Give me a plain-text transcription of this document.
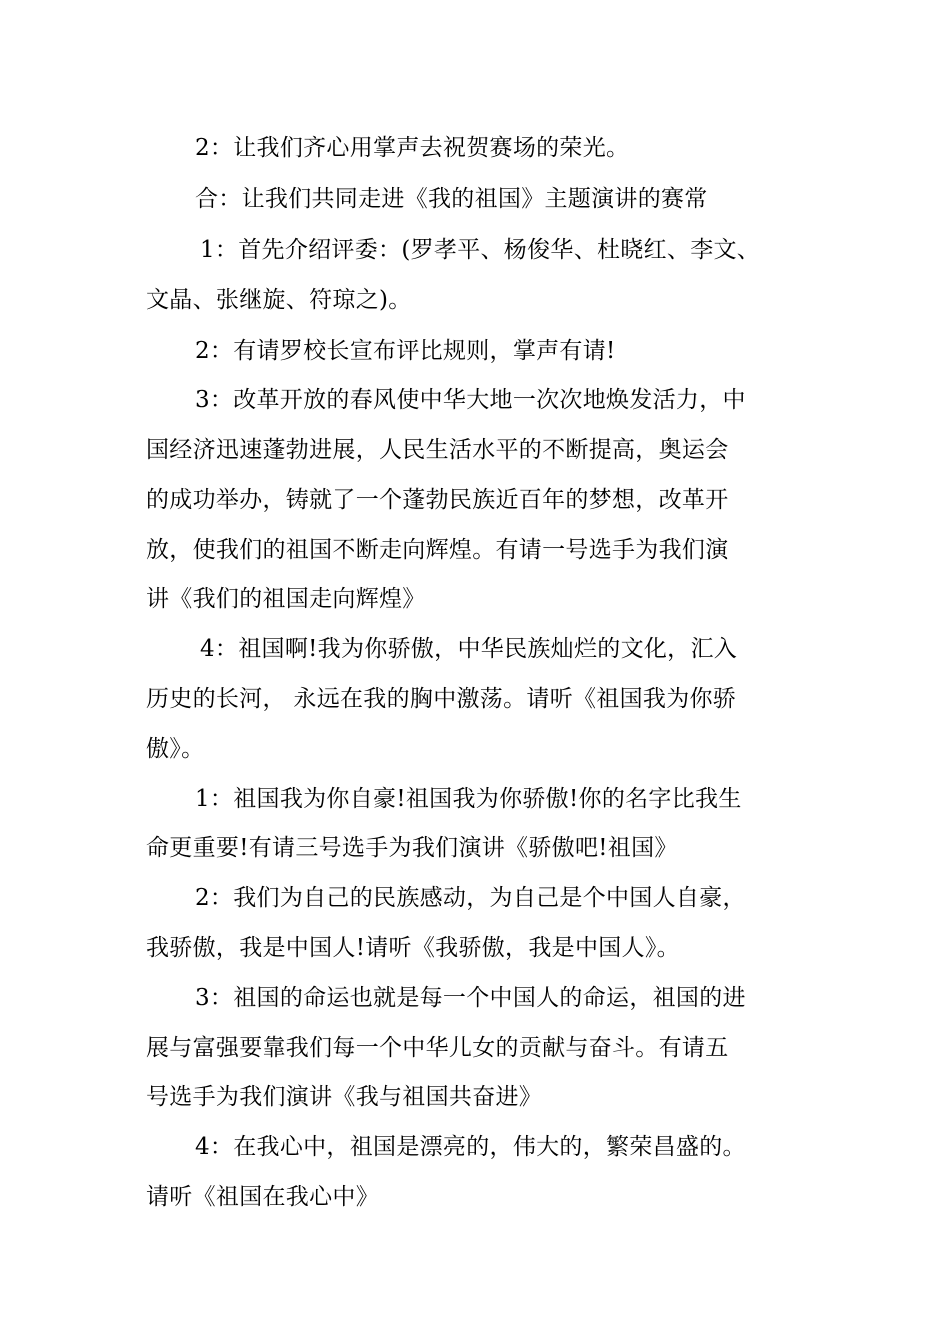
2：让我们齐心用掌声去祝贺赛场的荣光。
合：让我们共同走进《我的祖国》主题演讲的赛常
1：首先介绍评委：(罗孝平、杨俊华、杜晓红、李文、
文晶、张继旋、符琼之)。
2：有请罗校长宣布评比规则，掌声有请!
3：改革开放的春风使中华大地一次次地焕发活力，中
国经济迅速蓬勃进展，人民生活水平的不断提高，奥运会
的成功举办，铸就了一个蓬勃民族近百年的梦想，改革开
放，使我们的祖国不断走向辉煌。有请一号选手为我们演
讲《我们的祖国走向辉煌》
4：祖国啊!我为你骄傲，中华民族灿烂的文化，汇入
历史的长河， 永远在我的胸中激荡。请听《祖国我为你骄
傲》。
1：祖国我为你自豪!祖国我为你骄傲!你的名字比我生
命更重要!有请三号选手为我们演讲《骄傲吧!祖国》
2：我们为自己的民族感动，为自己是个中国人自豪，
我骄傲，我是中国人!请听《我骄傲，我是中国人》。
3：祖国的命运也就是每一个中国人的命运，祖国的进
展与富强要靠我们每一个中华儿女的贡献与奋斗。有请五
号选手为我们演讲《我与祖国共奋进》
4：在我心中，祖国是漂亮的，伟大的，繁荣昌盛的。
请听《祖国在我心中》
